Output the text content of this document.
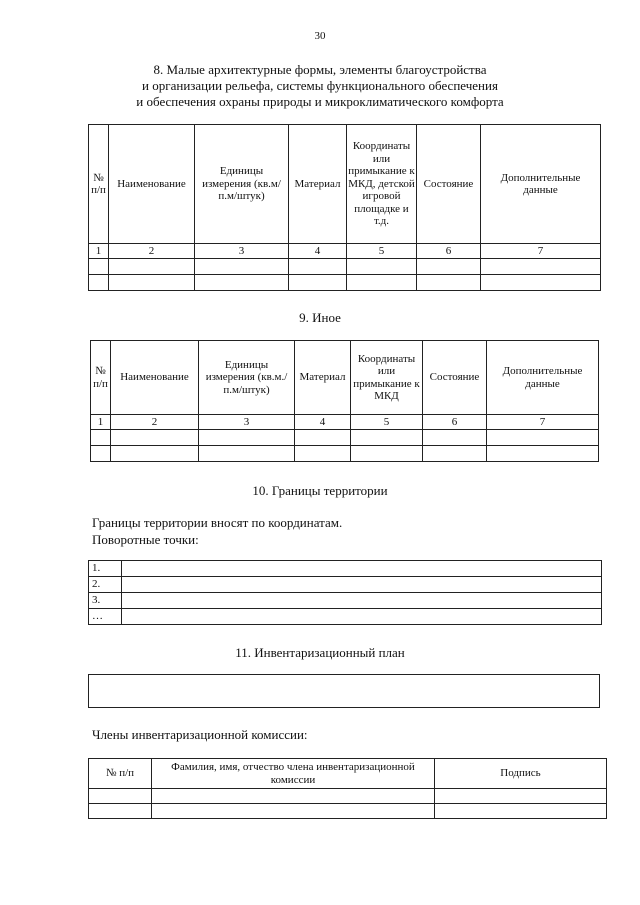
30
8. Малые архитектурные формы, элементы благоустройства
и организации рельефа, системы функционального обеспечения
и обеспечения охраны природы и микроклиматического комфорта
№ п/п	Наименование	Единицы измерения (кв.м/п.м/штук)	Материал	Координаты или примыкание к МКД, детской игровой площадке и т.д.	Состояние	Дополнительные данные
1	2	3	4	5	6	7

9. Иное
№ п/п	Наименование	Единицы измерения (кв.м./п.м/штук)	Материал	Координаты или примыкание к МКД	Состояние	Дополнительные данные
1	2	3	4	5	6	7

10. Границы территории
Границы территории вносят по координатам.
Поворотные точки:
1.	
2.	
3.	
…	
11. Инвентаризационный план
Члены инвентаризационной комиссии:
№ п/п	Фамилия, имя, отчество члена инвентаризационной комиссии	Подпись
